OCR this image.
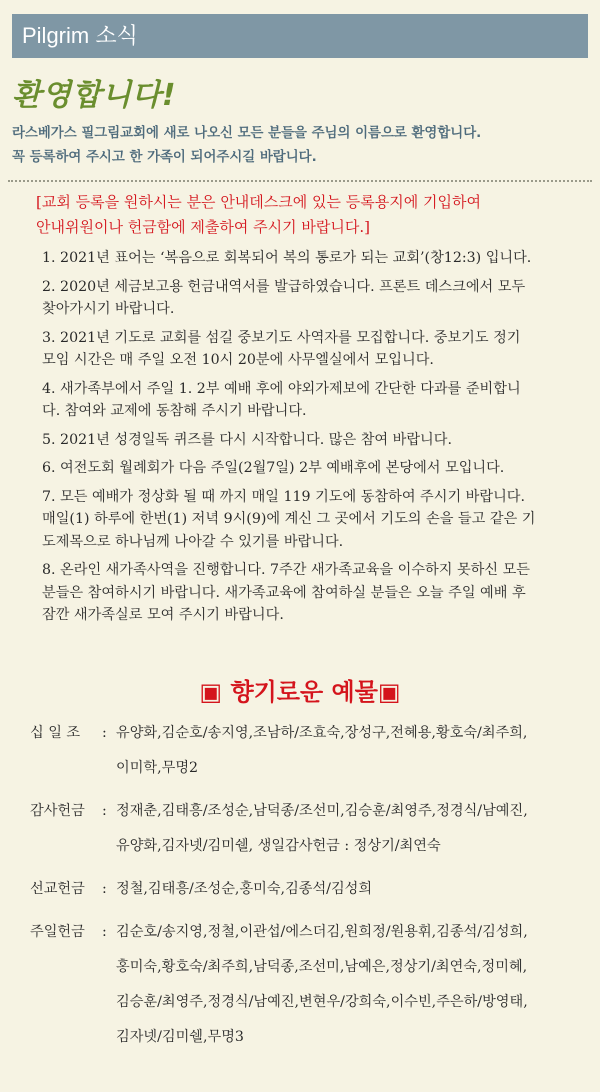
Pilgrim 소식
환영합니다!
라스베가스 필그림교회에 새로 나오신 모든 분들을 주님의 이름으로 환영합니다.
꼭 등록하여 주시고 한 가족이 되어주시길 바랍니다.
[교회 등록을 원하시는 분은 안내데스크에 있는 등록용지에 기입하여
안내위원이나 헌금함에 제출하여 주시기 바랍니다.]
1. 2021년 표어는 ‘복음으로 회복되어 복의 통로가 되는 교회’(창12:3) 입니다.
2. 2020년 세금보고용 헌금내역서를 발급하였습니다. 프론트 데스크에서 모두
찾아가시기 바랍니다.
3. 2021년 기도로 교회를 섬길 중보기도 사역자를 모집합니다. 중보기도 정기
모임 시간은 매 주일 오전 10시 20분에 사무엘실에서 모입니다.
4. 새가족부에서 주일 1. 2부 예배 후에 야외가제보에 간단한 다과를 준비합니
다. 참여와 교제에 동참해 주시기 바랍니다.
5. 2021년 성경일독 퀴즈를 다시 시작합니다. 많은 참여 바랍니다.
6. 여전도회 월례회가 다음 주일(2월7일) 2부 예배후에 본당에서 모입니다.
7. 모든 예배가 정상화 될 때 까지 매일 119 기도에 동참하여 주시기 바랍니다.
매일(1) 하루에 한번(1) 저녁 9시(9)에 계신 그 곳에서 기도의 손을 들고 같은 기
도제목으로 하나님께 나아갈 수 있기를 바랍니다.
8. 온라인 새가족사역을 진행합니다. 7주간 새가족교육을 이수하지 못하신 모든
분들은 참여하시기 바랍니다. 새가족교육에 참여하실 분들은 오늘 주일 예배 후
잠깐 새가족실로 모여 주시기 바랍니다.
▣ 향기로운 예물▣
십 일 조	: 유양화,김순호/송지영,조남하/조효숙,장성구,전혜용,황호숙/최주희,
이미학,무명2
감사헌금	: 정재춘,김태흥/조성순,남덕종/조선미,김승훈/최영주,정경식/남예진,
유양화,김자넷/김미쉘, 생일감사헌금 : 정상기/최연숙
선교헌금	: 정철,김태흥/조성순,홍미숙,김종석/김성희
주일헌금	: 김순호/송지영,정철,이관섭/에스더김,원희정/원용휘,김종석/김성희,
홍미숙,황호숙/최주희,남덕종,조선미,남예은,정상기/최연숙,정미혜,
김승훈/최영주,정경식/남예진,변현우/강희숙,이수빈,주은하/방영태,
김자넷/김미쉘,무명3
